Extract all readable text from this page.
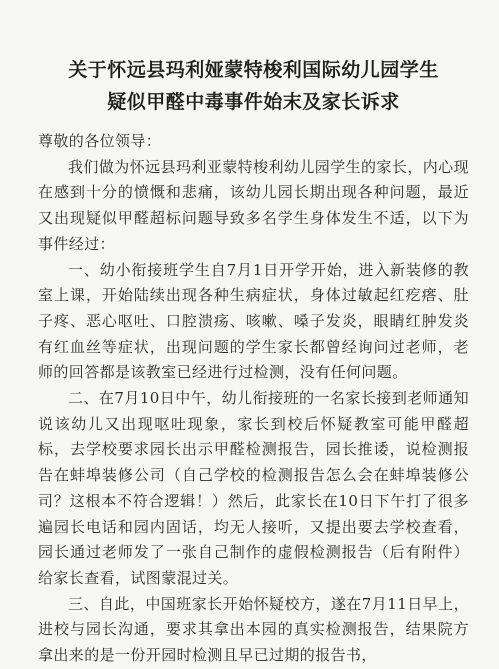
关于怀远县玛利娅蒙特梭利国际幼儿园学生
疑似甲醛中毒事件始末及家长诉求

尊敬的各位领导：

我们做为怀远县玛利亚蒙特梭利幼儿园学生的家长，内心现在感到十分的愤慨和悲痛，该幼儿园长期出现各种问题，最近又出现疑似甲醛超标问题导致多名学生身体发生不适，以下为事件经过：

一、幼小衔接班学生自7月1日开学开始，进入新装修的教室上课，开始陆续出现各种生病症状，身体过敏起红疙瘩、肚子疼、恶心呕吐、口腔溃疡、咳嗽、嗓子发炎，眼睛红肿发炎有红血丝等症状，出现问题的学生家长都曾经询问过老师，老师的回答都是该教室已经进行过检测，没有任何问题。

二、在7月10日中午，幼儿衔接班的一名家长接到老师通知说该幼儿又出现呕吐现象，家长到校后怀疑教室可能甲醛超标，去学校要求园长出示甲醛检测报告，园长推诿，说检测报告在蚌埠装修公司（自己学校的检测报告怎么会在蚌埠装修公司？这根本不符合逻辑！）然后，此家长在10日下午打了很多遍园长电话和园内固话，均无人接听，又提出要去学校查看，园长通过老师发了一张自己制作的虚假检测报告（后有附件）给家长查看，试图蒙混过关。

三、自此，中国班家长开始怀疑校方，遂在7月11日早上，进校与园长沟通，要求其拿出本园的真实检测报告，结果院方拿出来的是一份开园时检测且早已过期的报告书，
